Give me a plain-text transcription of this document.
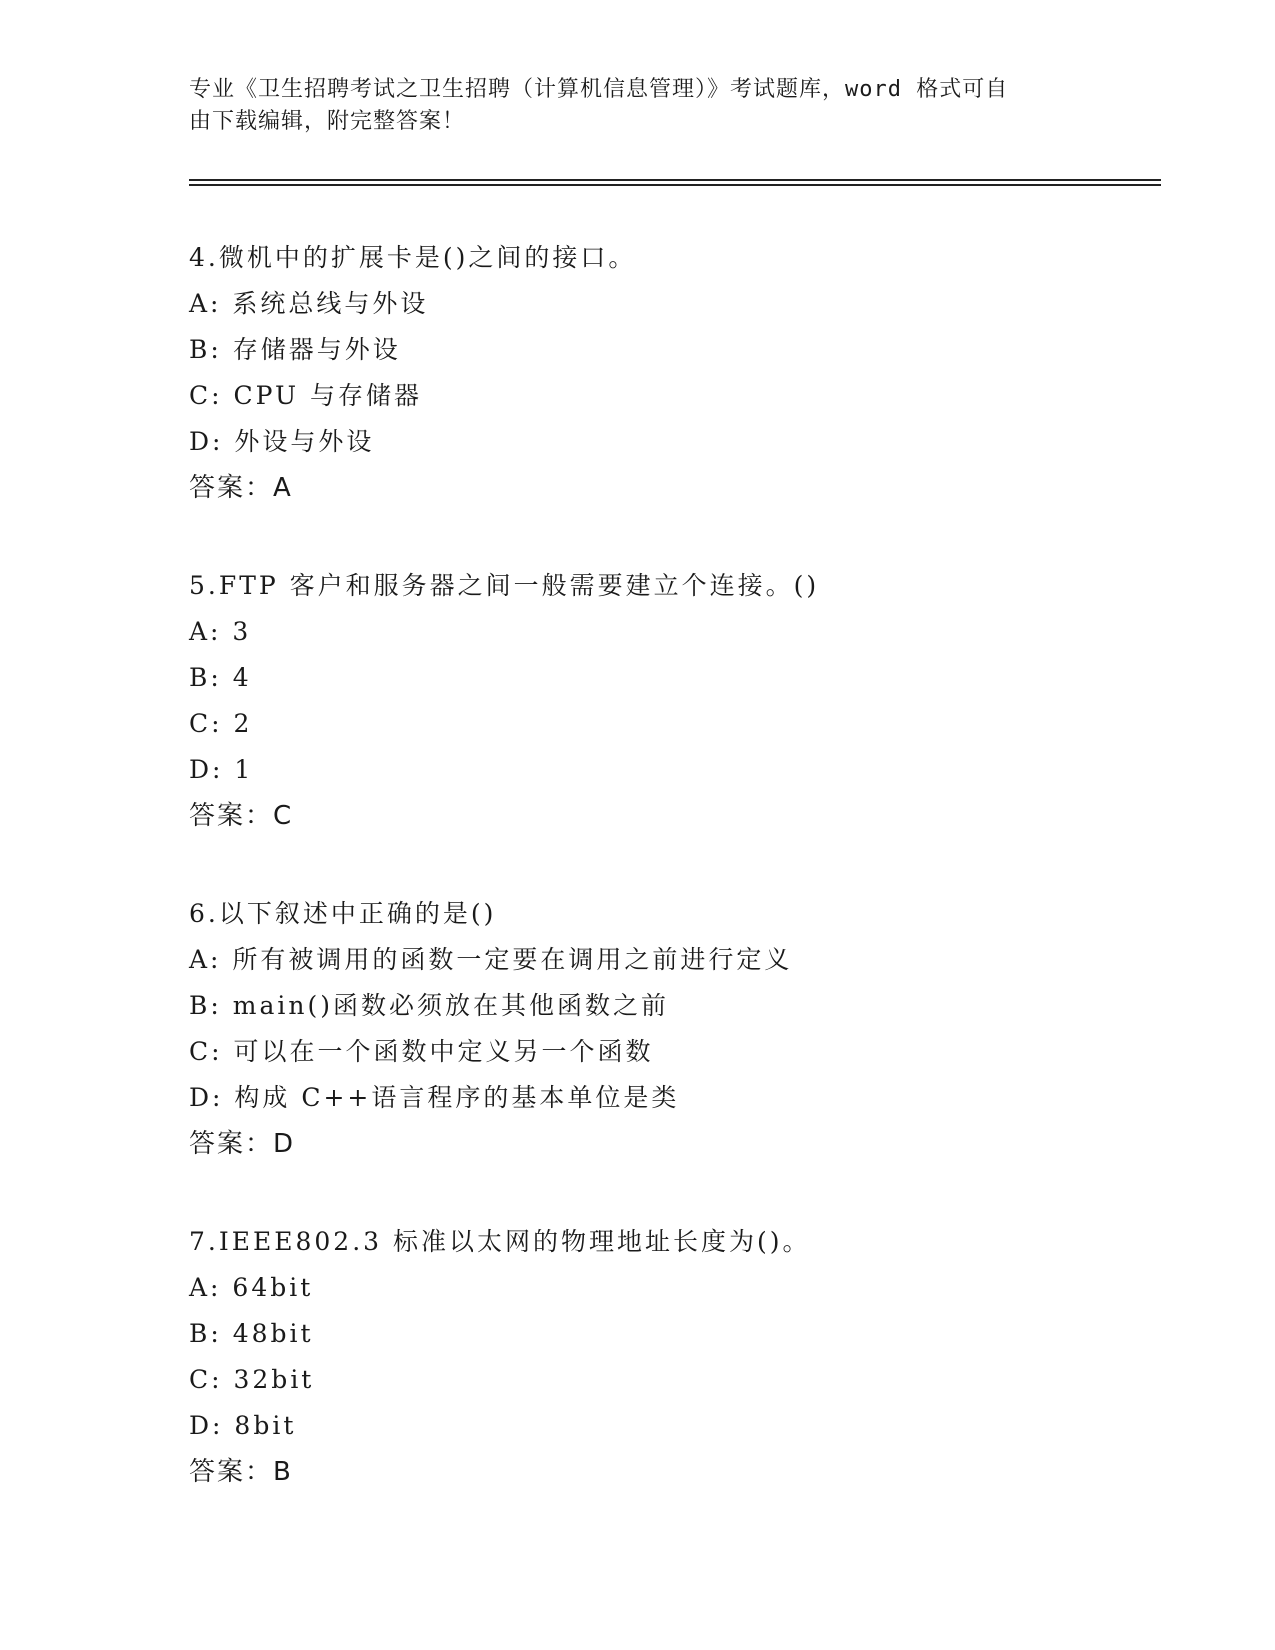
专业《卫生招聘考试之卫生招聘（计算机信息管理）》考试题库，word 格式可自
由下载编辑，附完整答案！
4.微机中的扩展卡是()之间的接口。
A: 系统总线与外设
B: 存储器与外设
C: CPU 与存储器
D: 外设与外设
答案：A
5.FTP 客户和服务器之间一般需要建立个连接。()
A: 3
B: 4
C: 2
D: 1
答案：C
6.以下叙述中正确的是()
A: 所有被调用的函数一定要在调用之前进行定义
B: main()函数必须放在其他函数之前
C: 可以在一个函数中定义另一个函数
D: 构成 C++语言程序的基本单位是类
答案：D
7.IEEE802.3 标准以太网的物理地址长度为()。
A: 64bit
B: 48bit
C: 32bit
D: 8bit
答案：B
